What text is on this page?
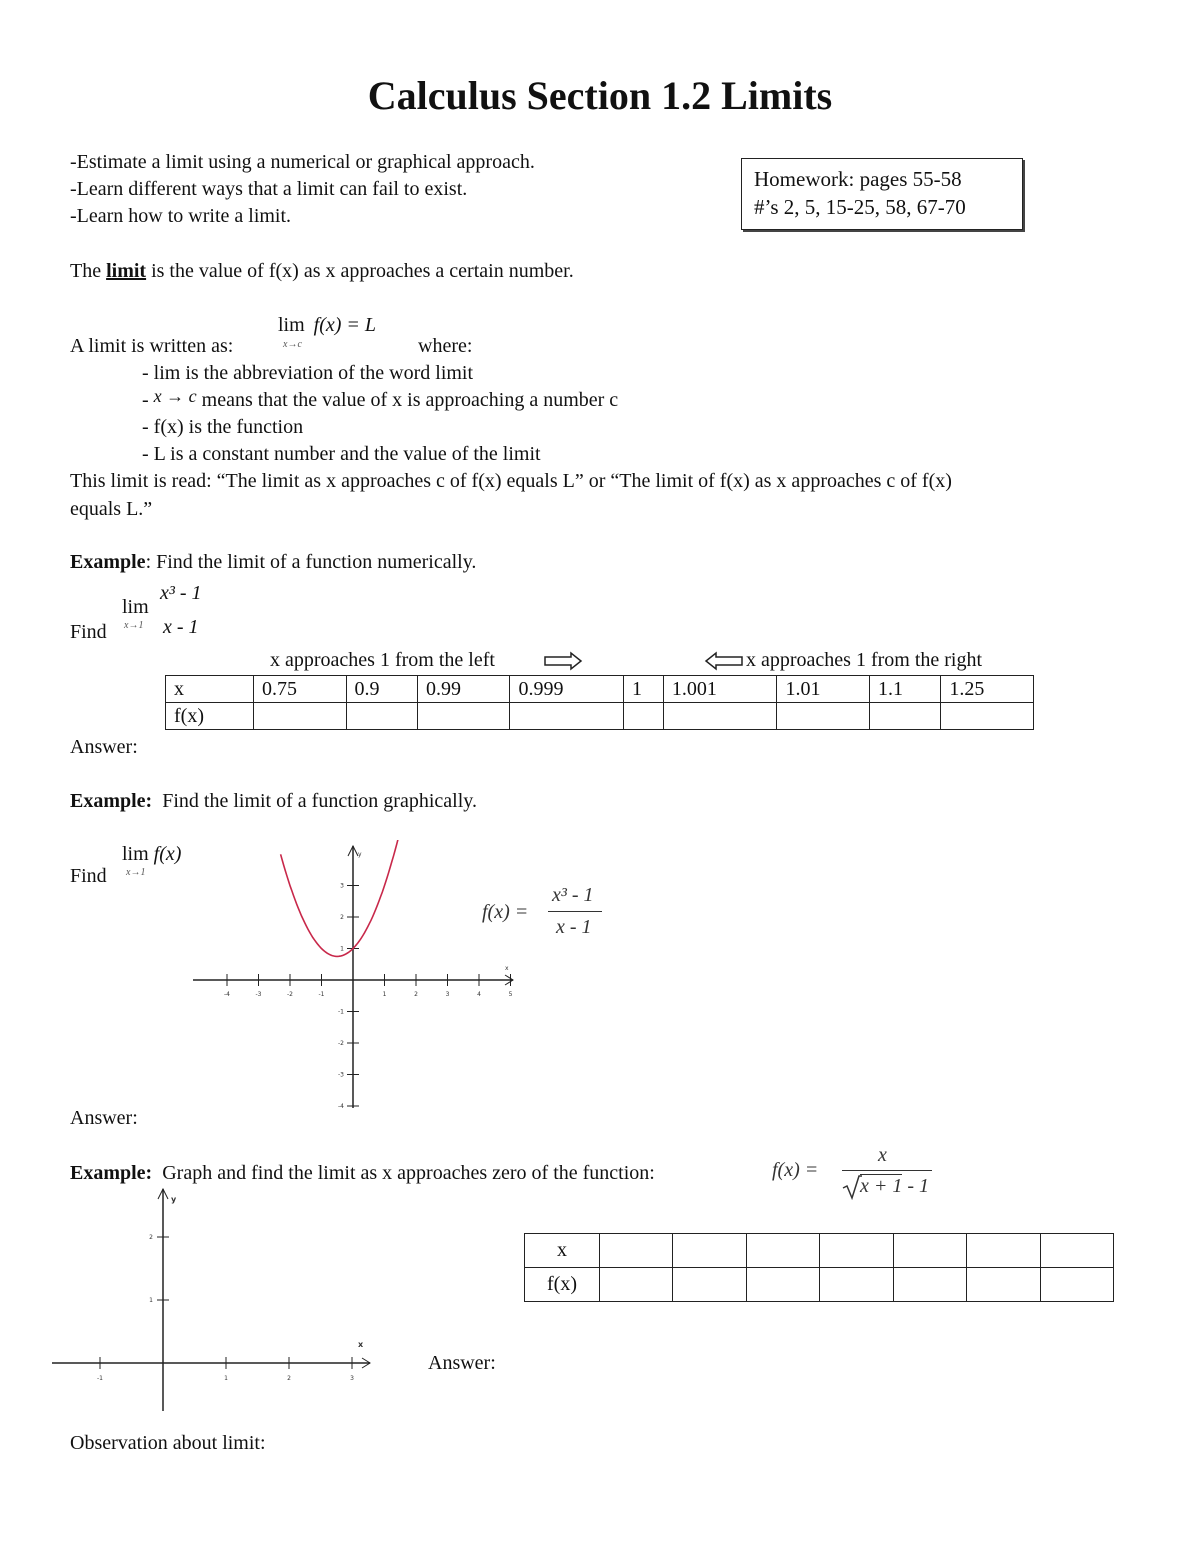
Calculus Section 1.2 Limits
-Estimate a limit using a numerical or graphical approach.
-Learn different ways that a limit can fail to exist.
-Learn how to write a limit.
Homework: pages 55-58
#’s 2, 5, 15-25, 58, 67-70
The limit is the value of f(x) as x approaches a certain number.
lim f(x) = L
x→c
A limit is written as:	where:
- lim is the abbreviation of the word limit
- x → c means that the value of x is approaching a number c
- f(x) is the function
- L is a constant number and the value of the limit
This limit is read: “The limit as x approaches c of f(x) equals L” or “The limit of f(x) as x approaches c of f(x)
equals L.”
Example: Find the limit of a function numerically.
lim
x→1
x³ - 1
x - 1
Find
x approaches 1 from the left	x approaches 1 from the right
x	0.75	0.9	0.99	0.999	1	1.001	1.01	1.1	1.25
f(x)									
Answer:
Example:  Find the limit of a function graphically.
lim f(x)
x→1
Find
f(x) =
x³ - 1
x - 1
-4	-3	-2	-1	1	2	3	4	5
3
2
1
-1
-2
-3
-4
y
x
Answer:
Example:  Graph and find the limit as x approaches zero of the function:	f(x) =
x
x + 1 - 1
-1	1	2	3
2
1
y
x
x							
f(x)							
Answer:
Observation about limit:
